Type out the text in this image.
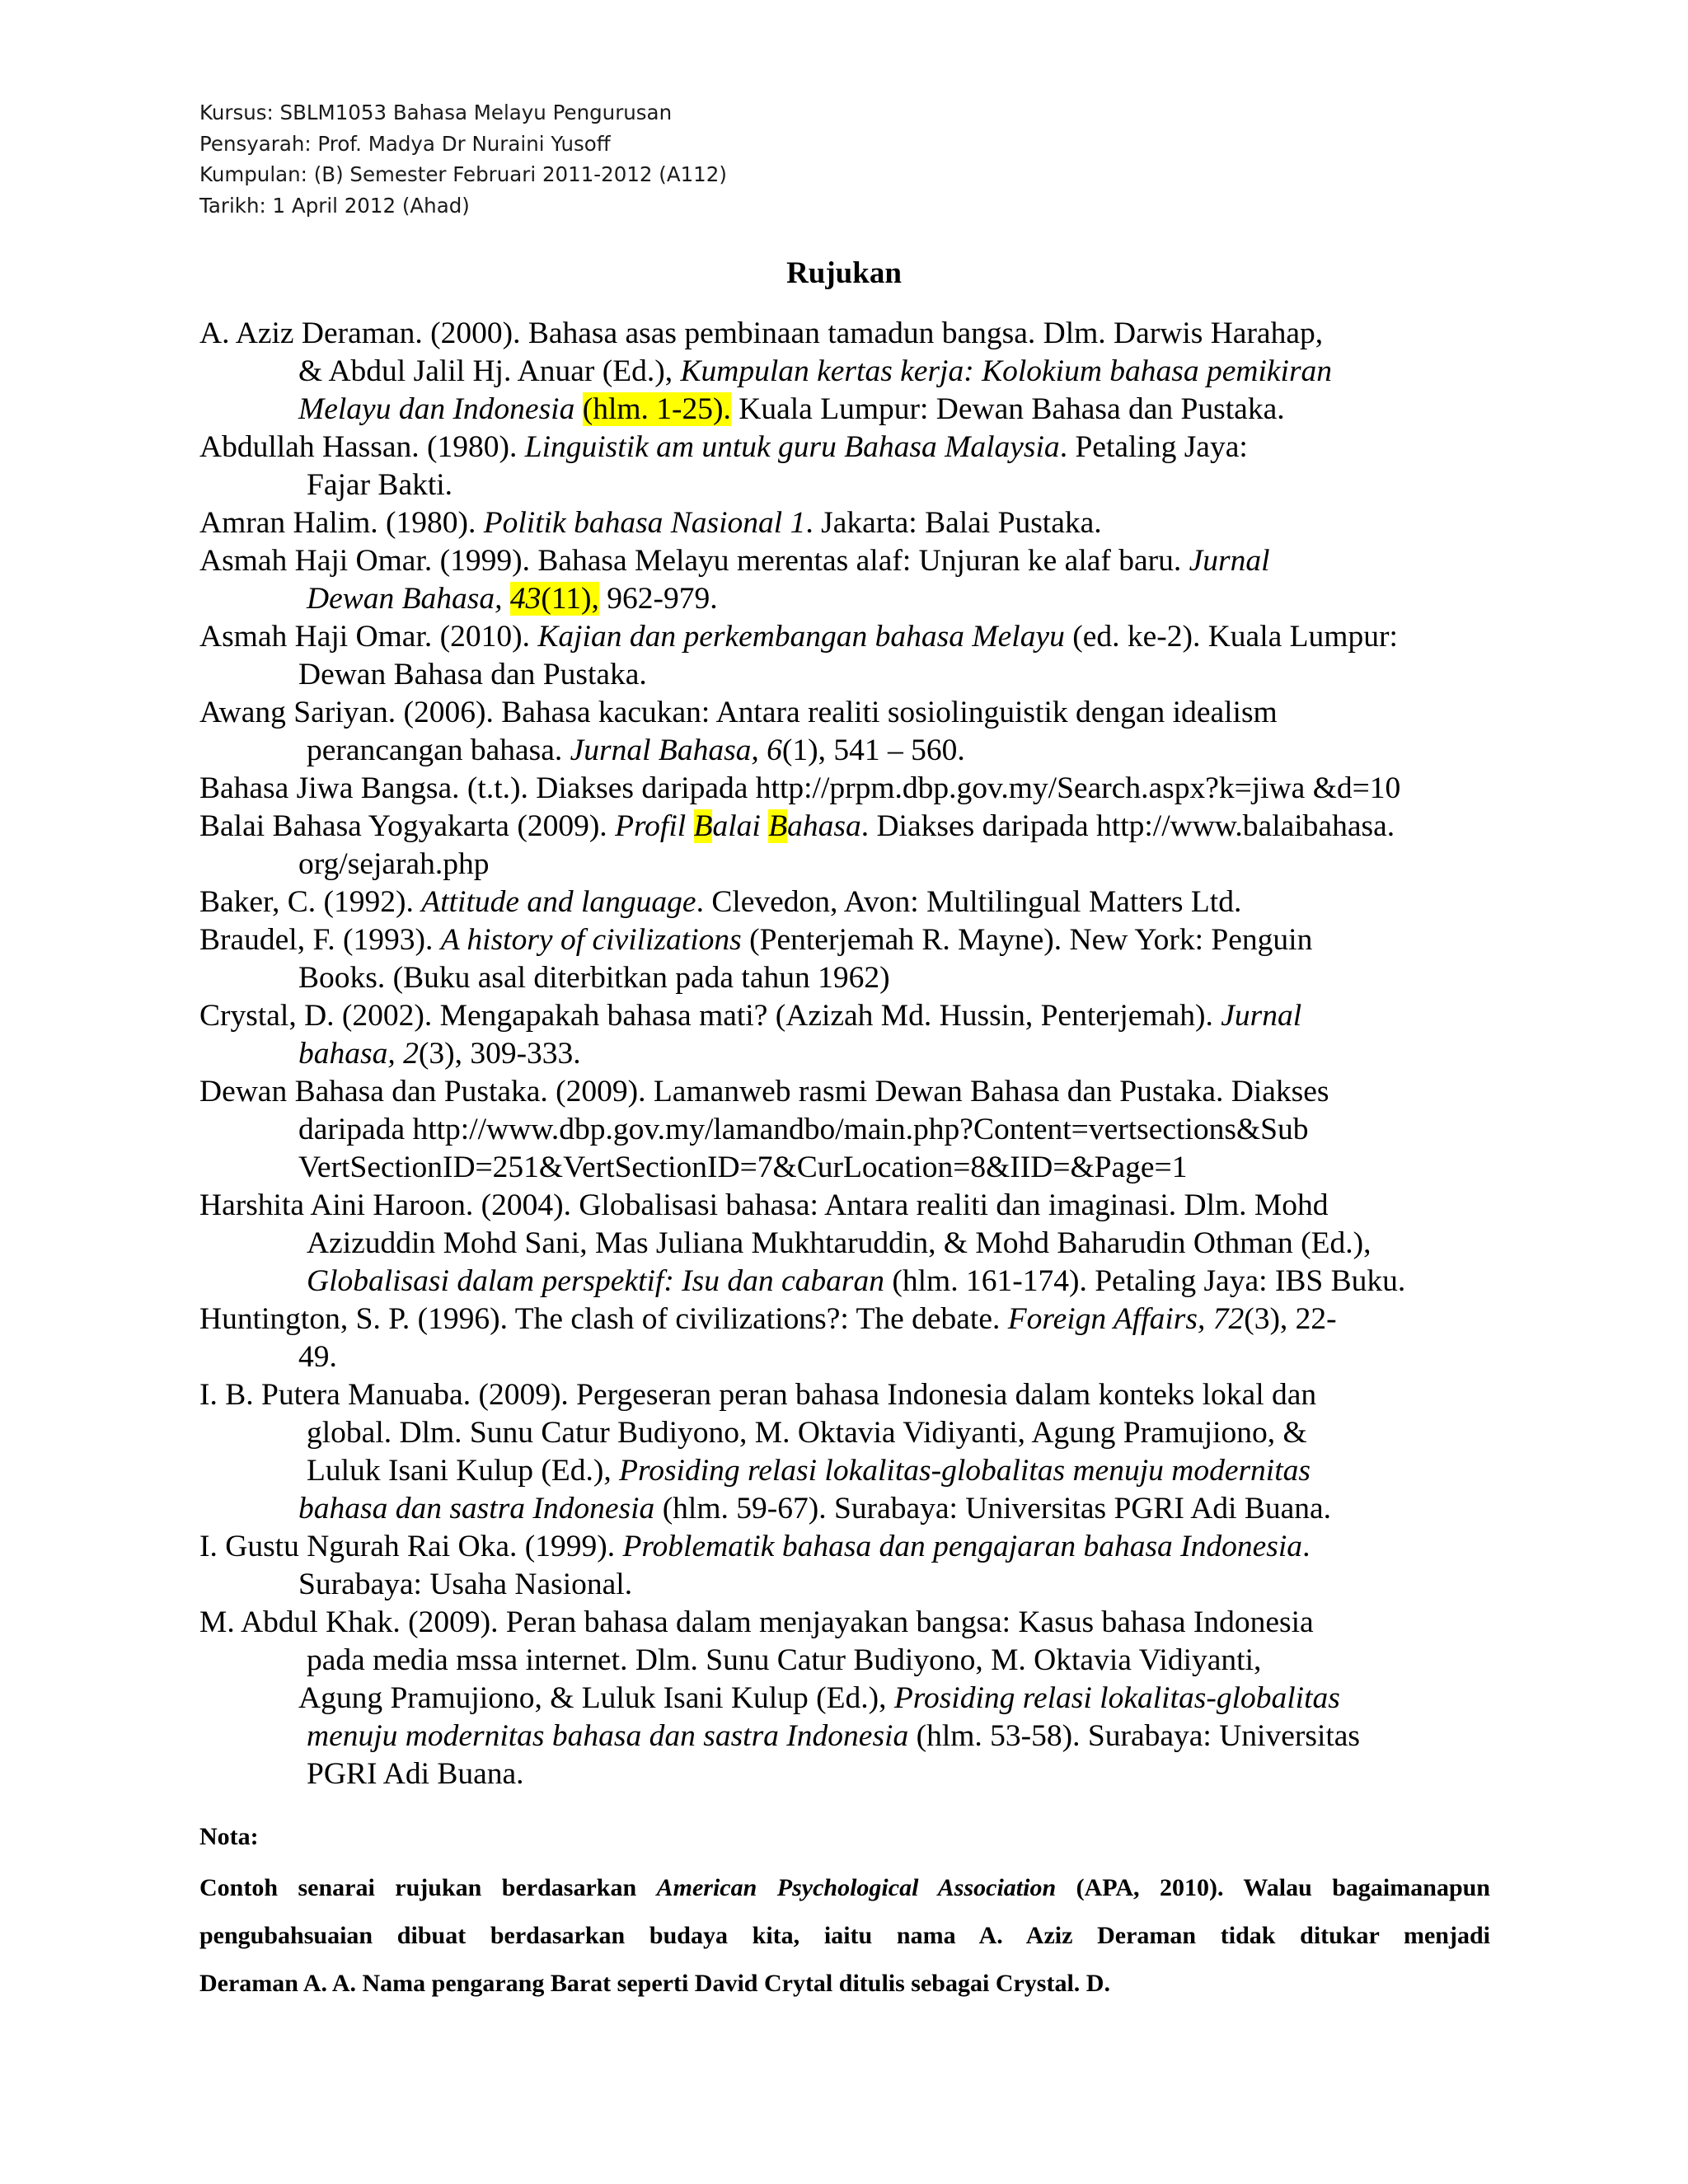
Kursus: SBLM1053 Bahasa Melayu Pengurusan
Pensyarah: Prof. Madya Dr Nuraini Yusoff
Kumpulan: (B) Semester Februari 2011-2012 (A112)
Tarikh: 1 April 2012 (Ahad)
Rujukan
A. Aziz Deraman. (2000). Bahasa asas pembinaan tamadun bangsa. Dlm. Darwis Harahap,
& Abdul Jalil Hj. Anuar (Ed.), Kumpulan kertas kerja: Kolokium bahasa pemikiran
Melayu dan Indonesia (hlm. 1-25). Kuala Lumpur: Dewan Bahasa dan Pustaka.
Abdullah Hassan. (1980). Linguistik am untuk guru Bahasa Malaysia. Petaling Jaya:
Fajar Bakti.
Amran Halim. (1980). Politik bahasa Nasional 1. Jakarta: Balai Pustaka.
Asmah Haji Omar. (1999). Bahasa Melayu merentas alaf: Unjuran ke alaf baru. Jurnal
Dewan Bahasa, 43(11), 962-979.
Asmah Haji Omar. (2010). Kajian dan perkembangan bahasa Melayu (ed. ke-2). Kuala Lumpur:
Dewan Bahasa dan Pustaka.
Awang Sariyan. (2006). Bahasa kacukan: Antara realiti sosiolinguistik dengan idealism
perancangan bahasa. Jurnal Bahasa, 6(1), 541 – 560.
Bahasa Jiwa Bangsa. (t.t.). Diakses daripada http://prpm.dbp.gov.my/Search.aspx?k=jiwa &d=10
Balai Bahasa Yogyakarta (2009). Profil Balai Bahasa. Diakses daripada http://www.balaibahasa.
org/sejarah.php
Baker, C. (1992). Attitude and language. Clevedon, Avon: Multilingual Matters Ltd.
Braudel, F. (1993). A history of civilizations (Penterjemah R. Mayne). New York: Penguin
Books. (Buku asal diterbitkan pada tahun 1962)
Crystal, D. (2002). Mengapakah bahasa mati? (Azizah Md. Hussin, Penterjemah). Jurnal
bahasa, 2(3), 309-333.
Dewan Bahasa dan Pustaka. (2009). Lamanweb rasmi Dewan Bahasa dan Pustaka. Diakses
daripada http://www.dbp.gov.my/lamandbo/main.php?Content=vertsections&Sub
VertSectionID=251&VertSectionID=7&CurLocation=8&IID=&Page=1
Harshita Aini Haroon. (2004). Globalisasi bahasa: Antara realiti dan imaginasi. Dlm. Mohd
Azizuddin Mohd Sani, Mas Juliana Mukhtaruddin, & Mohd Baharudin Othman (Ed.),
Globalisasi dalam perspektif: Isu dan cabaran (hlm. 161-174). Petaling Jaya: IBS Buku.
Huntington, S. P. (1996). The clash of civilizations?: The debate. Foreign Affairs, 72(3), 22-
49.
I. B. Putera Manuaba. (2009). Pergeseran peran bahasa Indonesia dalam konteks lokal dan
global. Dlm. Sunu Catur Budiyono, M. Oktavia Vidiyanti, Agung Pramujiono, &
Luluk Isani Kulup (Ed.), Prosiding relasi lokalitas-globalitas menuju modernitas
bahasa dan sastra Indonesia (hlm. 59-67). Surabaya: Universitas PGRI Adi Buana.
I. Gustu Ngurah Rai Oka. (1999). Problematik bahasa dan pengajaran bahasa Indonesia.
Surabaya: Usaha Nasional.
M. Abdul Khak. (2009). Peran bahasa dalam menjayakan bangsa: Kasus bahasa Indonesia
pada media mssa internet. Dlm. Sunu Catur Budiyono, M. Oktavia Vidiyanti,
Agung Pramujiono, & Luluk Isani Kulup (Ed.), Prosiding relasi lokalitas-globalitas
menuju modernitas bahasa dan sastra Indonesia (hlm. 53-58). Surabaya: Universitas
PGRI Adi Buana.
Nota:
Contoh senarai rujukan berdasarkan American Psychological Association (APA, 2010). Walau bagaimanapun
pengubahsuaian dibuat berdasarkan budaya kita, iaitu nama A. Aziz Deraman tidak ditukar menjadi
Deraman A. A. Nama pengarang Barat seperti David Crytal ditulis sebagai Crystal. D.
